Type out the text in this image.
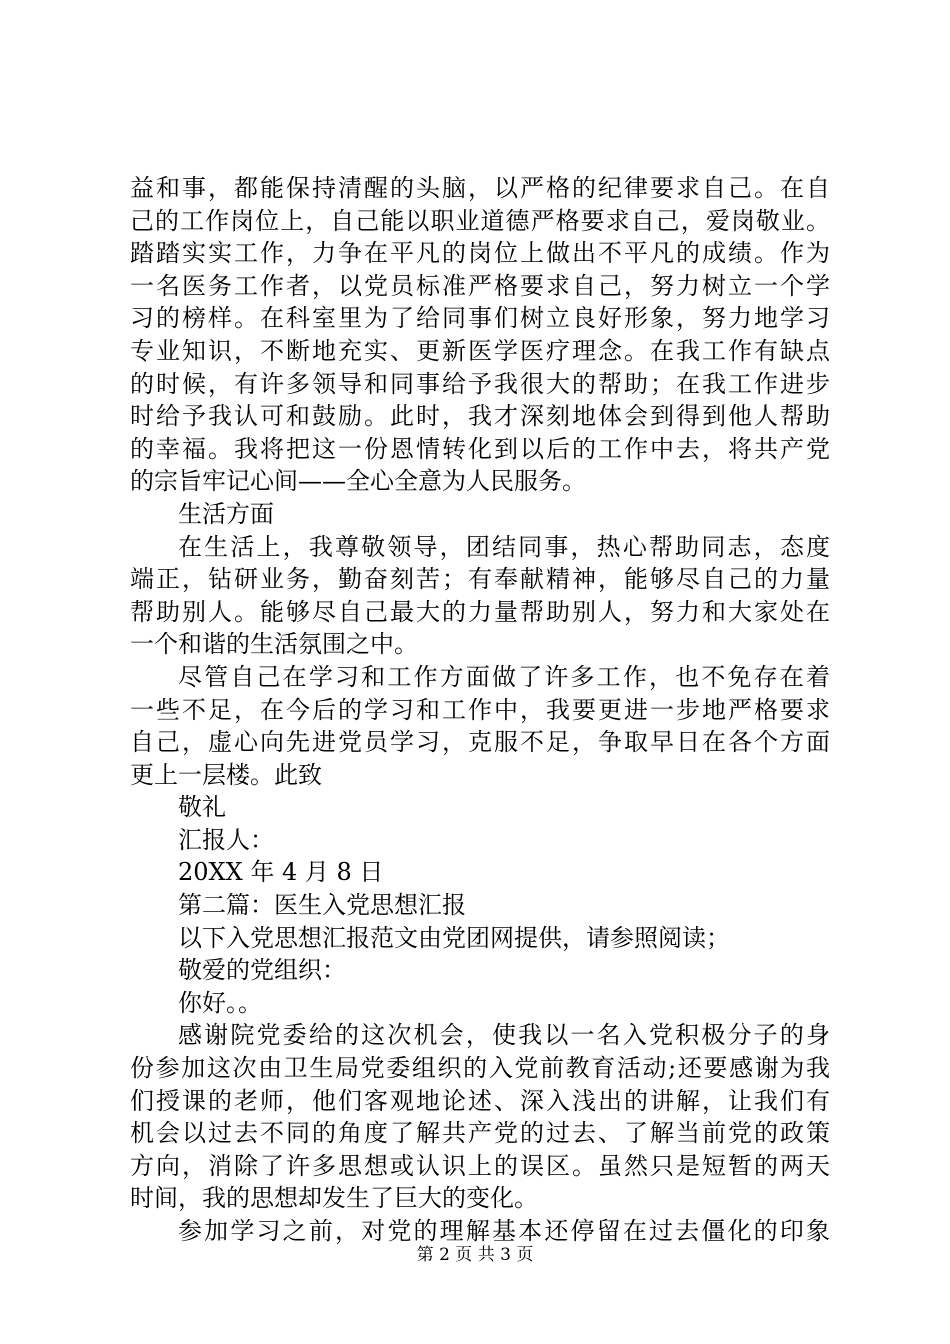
益和事，都能保持清醒的头脑，以严格的纪律要求自己。在自
己的工作岗位上，自己能以职业道德严格要求自己，爱岗敬业。
踏踏实实工作，力争在平凡的岗位上做出不平凡的成绩。作为
一名医务工作者，以党员标准严格要求自己，努力树立一个学
习的榜样。在科室里为了给同事们树立良好形象，努力地学习
专业知识，不断地充实、更新医学医疗理念。在我工作有缺点
的时候，有许多领导和同事给予我很大的帮助；在我工作进步
时给予我认可和鼓励。此时，我才深刻地体会到得到他人帮助
的幸福。我将把这一份恩情转化到以后的工作中去，将共产党
的宗旨牢记心间——全心全意为人民服务。
生活方面
在生活上，我尊敬领导，团结同事，热心帮助同志，态度
端正，钻研业务，勤奋刻苦；有奉献精神，能够尽自己的力量
帮助别人。能够尽自己最大的力量帮助别人，努力和大家处在
一个和谐的生活氛围之中。
尽管自己在学习和工作方面做了许多工作，也不免存在着
一些不足，在今后的学习和工作中，我要更进一步地严格要求
自己，虚心向先进党员学习，克服不足，争取早日在各个方面
更上一层楼。此致
敬礼
汇报人：
20XX 年 4 月 8 日
第二篇：医生入党思想汇报
以下入党思想汇报范文由党团网提供，请参照阅读；
敬爱的党组织：
你好。。
感谢院党委给的这次机会，使我以一名入党积极分子的身
份参加这次由卫生局党委组织的入党前教育活动;还要感谢为我
们授课的老师，他们客观地论述、深入浅出的讲解，让我们有
机会以过去不同的角度了解共产党的过去、了解当前党的政策
方向，消除了许多思想或认识上的误区。虽然只是短暂的两天
时间，我的思想却发生了巨大的变化。
参加学习之前，对党的理解基本还停留在过去僵化的印象
第 2 页 共 3 页
